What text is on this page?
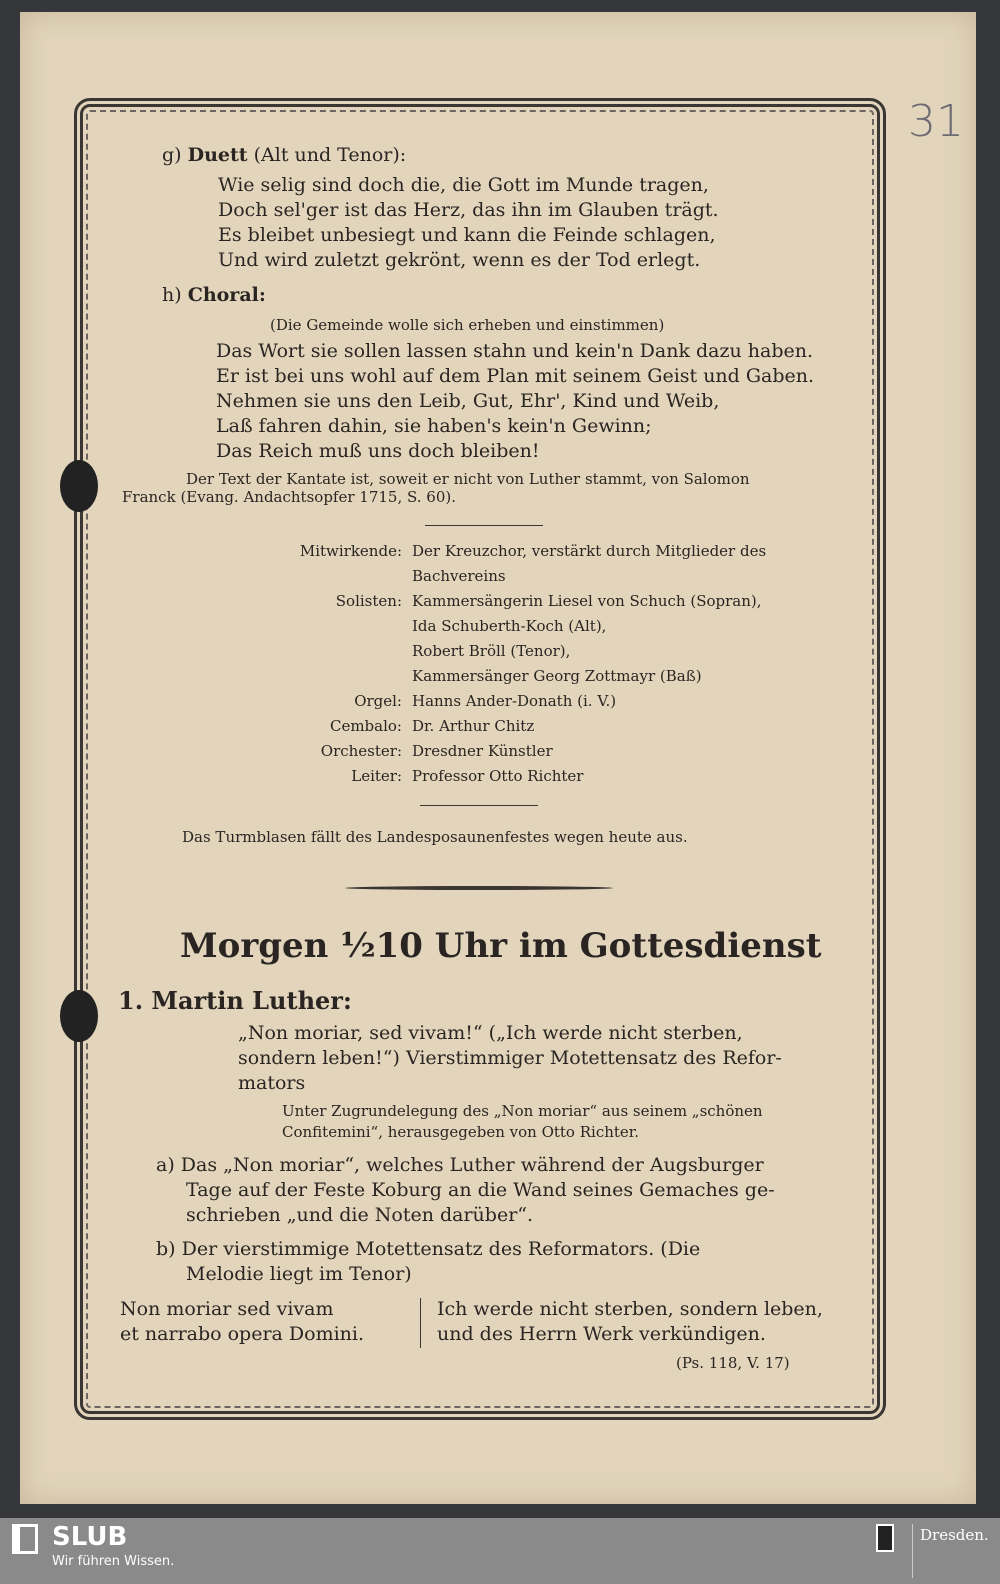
31
g) Duett (Alt und Tenor):
Wie selig sind doch die, die Gott im Munde tragen,
Doch sel'ger ist das Herz, das ihn im Glauben trägt.
Es bleibet unbesiegt und kann die Feinde schlagen,
Und wird zuletzt gekrönt, wenn es der Tod erlegt.
h) Choral:
(Die Gemeinde wolle sich erheben und einstimmen)
Das Wort sie sollen lassen stahn und kein'n Dank dazu haben.
Er ist bei uns wohl auf dem Plan mit seinem Geist und Gaben.
Nehmen sie uns den Leib, Gut, Ehr', Kind und Weib,
Laß fahren dahin, sie haben's kein'n Gewinn;
Das Reich muß uns doch bleiben!
Der Text der Kantate ist, soweit er nicht von Luther stammt, von Salomon
Franck (Evang. Andachtsopfer 1715, S. 60).
Mitwirkende: Der Kreuzchor, verstärkt durch Mitglieder des
Bachvereins
Solisten: Kammersängerin Liesel von Schuch (Sopran),
Ida Schuberth-Koch (Alt),
Robert Bröll (Tenor),
Kammersänger Georg Zottmayr (Baß)
Orgel: Hanns Ander-Donath (i. V.)
Cembalo: Dr. Arthur Chitz
Orchester: Dresdner Künstler
Leiter: Professor Otto Richter
Das Turmblasen fällt des Landesposaunenfestes wegen heute aus.
Morgen ½10 Uhr im Gottesdienst
1. Martin Luther:
„Non moriar, sed vivam!“ („Ich werde nicht sterben,
sondern leben!“) Vierstimmiger Motettensatz des Refor-
mators
Unter Zugrundelegung des „Non moriar“ aus seinem „schönen
Confitemini“, herausgegeben von Otto Richter.
a) Das „Non moriar“, welches Luther während der Augsburger
Tage auf der Feste Koburg an die Wand seines Gemaches ge-
schrieben „und die Noten darüber“.
b) Der vierstimmige Motettensatz des Reformators. (Die
Melodie liegt im Tenor)
Non moriar sed vivam
et narrabo opera Domini.
Ich werde nicht sterben, sondern leben,
und des Herrn Werk verkündigen.
(Ps. 118, V. 17)
SLUB
Wir führen Wissen.
Dresden.
